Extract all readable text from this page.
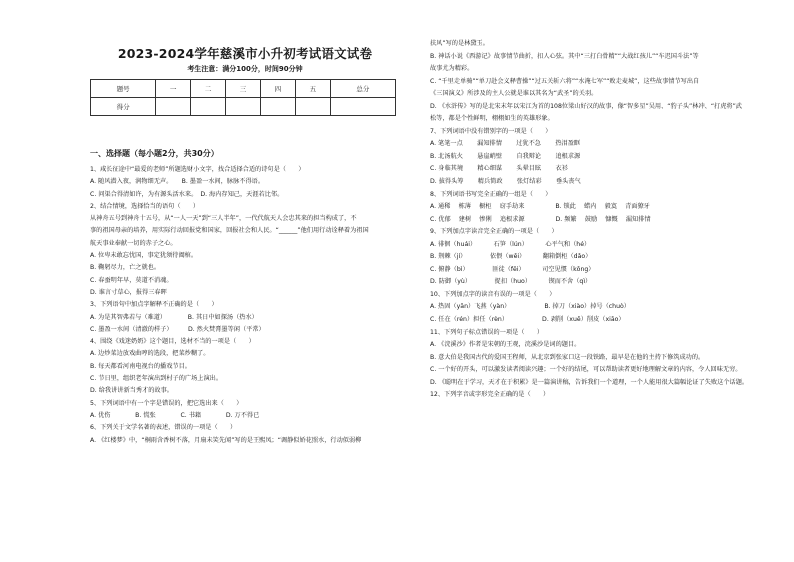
2023-2024学年慈溪市小升初考试语文试卷
考生注意：满分100分，时间90分钟
题号	一	二	三	四	五	总分
得分						
一、选择题（每小题2分，共30分）
1、咸长征途中“最爱的老师”所题选财小文字，找合适择合适的诗句是（　　）
A. 随风潜入夜，润物细无声。　　B. 墨盈一水间，脉脉不得语。
C. 问渠合得清如许，为有源头活水来。　D. 海内存知己，天涯若比邻。
2、结合情境，选择恰当的语句（　　）
从神舟五号到神舟十五号，从“一人一天”到“三人半年”，一代代航天人会忠其来的担当构成了，不
事的祖国母亲的培养，用实际行动回报党和国家，回报社会和人民。“______”他们用行动诠释着为祖国
航天事业奉献一切的赤子之心。
A. 位卑未敢忘忧国，事定犹须待阖棺。
B. 鞠躬尽力，亡之就也。
C. 春蚕明年早，莫道不消魂。
D. 谁言寸草心，报得三春晖
3、下列语句中加点字解释不正确的是（　　）
A. 为是其智弗若与（难道）　　　　B. 其日中如探汤（热水）
C. 墨盈一水间（清澈的样子）　　　D. 然火焚膏墨等闲（平常）
4、围绕《戏迷奶奶》这个题目，选材不当的一项是（　　）
A. 边炒菜边放戏曲哼的选段，把菜炒糊了。
B. 每天都看河南电视台的播戏节目。
C. 节日里，组织老年演出到村子的广场上演出。
D. 给我讲讲新当秀才的故事。
5、下列词语中有一个字是错误的，把它选出来（　　）
A. 优伤　　　　B. 慌张　　　　C. 书籍　　　　D. 万不得已
6、下列关于文学名著的表述，错误的一项是（　　）
A. 《红楼梦》中，“桐雨含香树不落，月扇未笑先闻”写的是王熙凤；“调静似娇花照水，行动似弱柳
扶风”写的是林黛玉。
B. 神话小说《西游记》故事情节曲折，扣人心弦。其中“三打白骨精”“大战红孩儿”“车迟国斗法”等
故事尤为精彩。
C. “千里走单骑”“单刀赴会义释曹操”“过五关斩六将”“水淹七军”“败走麦城”，这些故事情节写出自
《三国演义》所涉及的主人公就是谁以其名为“武圣”的关羽。
D. 《水浒传》写的是北宋末年以宋江为首的108位梁山好汉的故事，像“智多星”吴用、“豹子头”林冲、“打虎将”武
松等，都是个性鲜明，栩栩如生的英雄形象。
7、下列词语中没有错别字的一项是（　　）
A. 笔笔一点　　 漏知排情　　 过犹不急　　 热泪盈眶
B. 北汤航火　　 悬崖峭壁　　 自我辩论　　 追根求源
C. 身临其境　　 精心细谋　　 头晕目眩　　 衣衫
D. 拔得头筹　　 精兵简政　　 张灯结彩　　 垂头丧气
8、下列词语书写完全正确的一组是（　　）
A. 通稀　 栋薄　 橱柜　 窃手劫来　　　　　B. 锁此　 蜡内　 毅寞　 青面獠牙
C. 优郁　 建树　 惨俐　 追根求源　　　　　D. 频繁　 鼓励　 慷慨　 漏知排情
9、下列加点字读音完全正确的一项是（　　）
A. 徘徊（huái）　　　 石笋（lún）　　　 心平气和（hé）
B. 荆棘（jí）　　　　 依偎（wēi）　　　 翻箱倒柜（dǎo）
C. 俯静（bì）　　　　 匪徒（fěi）　　　 司空见惯（kōng）
D. 防御（yù）　　　　 捉扣（huo）　　　 锲而不舍（qì）
10、下列加点字的读音有误的一项是（　　）
A. 热固（yān）飞燕（yàn）　　　　　　B. 掉刀（xiào）掉号（chuò）
C. 任在（rén）担任（rèn）　　　　　　D. 剥削（xuē）削皮（xiāo）
11、下列句子标点错误的一项是（　　）
A. 《浣溪沙》作者是宋朝的王观，浣溪沙是词的题目。
B. 意大伯是我国古代的爱国王程师，从北京到张家口这一段铁路，最早是在他的主持下修筑成功的。
C. 一个好的开头，可以激发读者阅读兴趣；一个好的结尾，可以帮助读者更好地理解文章的内容，令人回味无穷。
D. 《聪明在于学习，天才在于积累》是一篇演讲稿，告诉我们一个道理，一个人能用很大篇幅论证了失败这个话题。
12、下列字音或字形完全正确的是（　　）
